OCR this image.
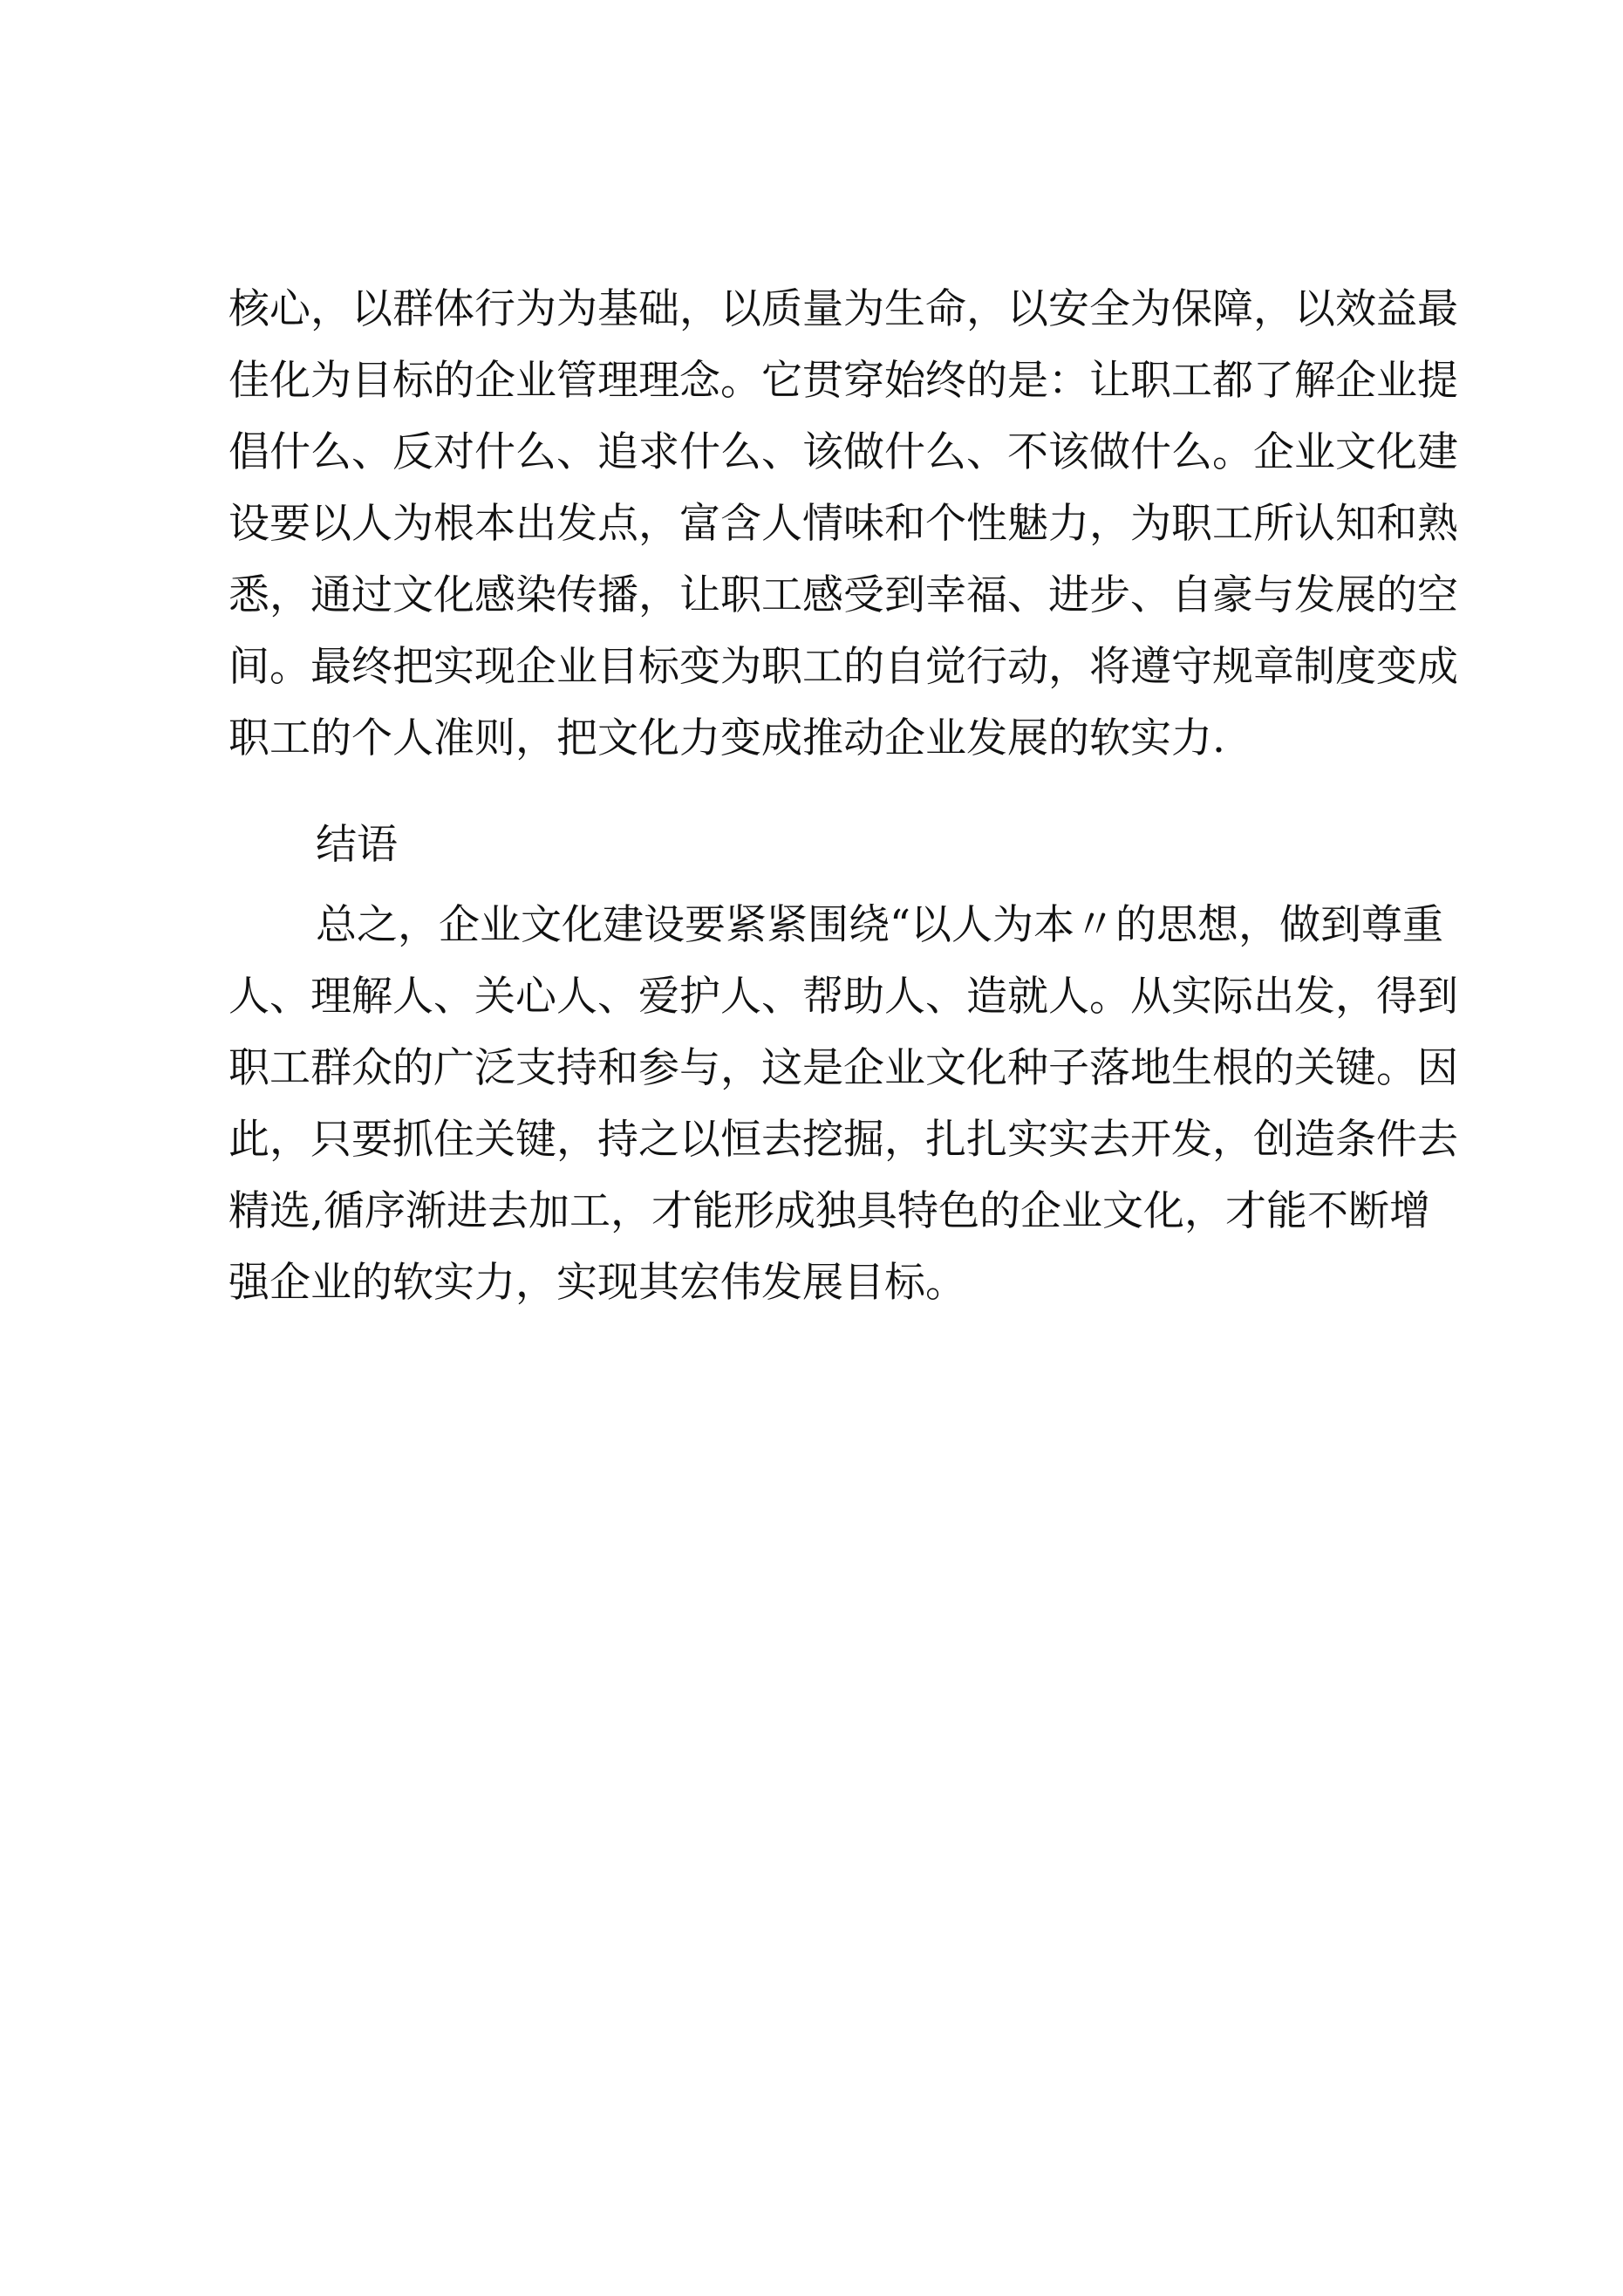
核心，以群体行为为基础，以质量为生命，以安全为保障，以效益最
佳化为目标的企业管理理念。它贯穿始终的是：让职工都了解企业提
倡什么、反对什么、追求什么、该做什么、不该做什么。企业文化建
设要以人为根本出发点，富含人情味和个性魅力，为职工所认知和熟
悉，通过文化感染传播，让职工感受到幸福、进步、自豪与发展的空
间。最终把实现企业目标变为职工的自觉行动，将遵守规章制度变成
职工的个人准则，把文化力变成推动企业发展的软实力.
结语
总之，企业文化建设要紧紧围绕“以人为本〃的思想，做到尊重
人、理解人、关心人、爱护人、帮助人、造就人。从实际出发，得到
职工群众的广泛支持和参与，这是企业文化种子落地生根的关键。因
此，只要抓住关键，持之以恒去挖掘，扎扎实实去开发，创造条件去
精选,循序渐进去加工，才能形成独具特色的企业文化，才能不断增
强企业的软实力，实现其宏伟发展目标。
